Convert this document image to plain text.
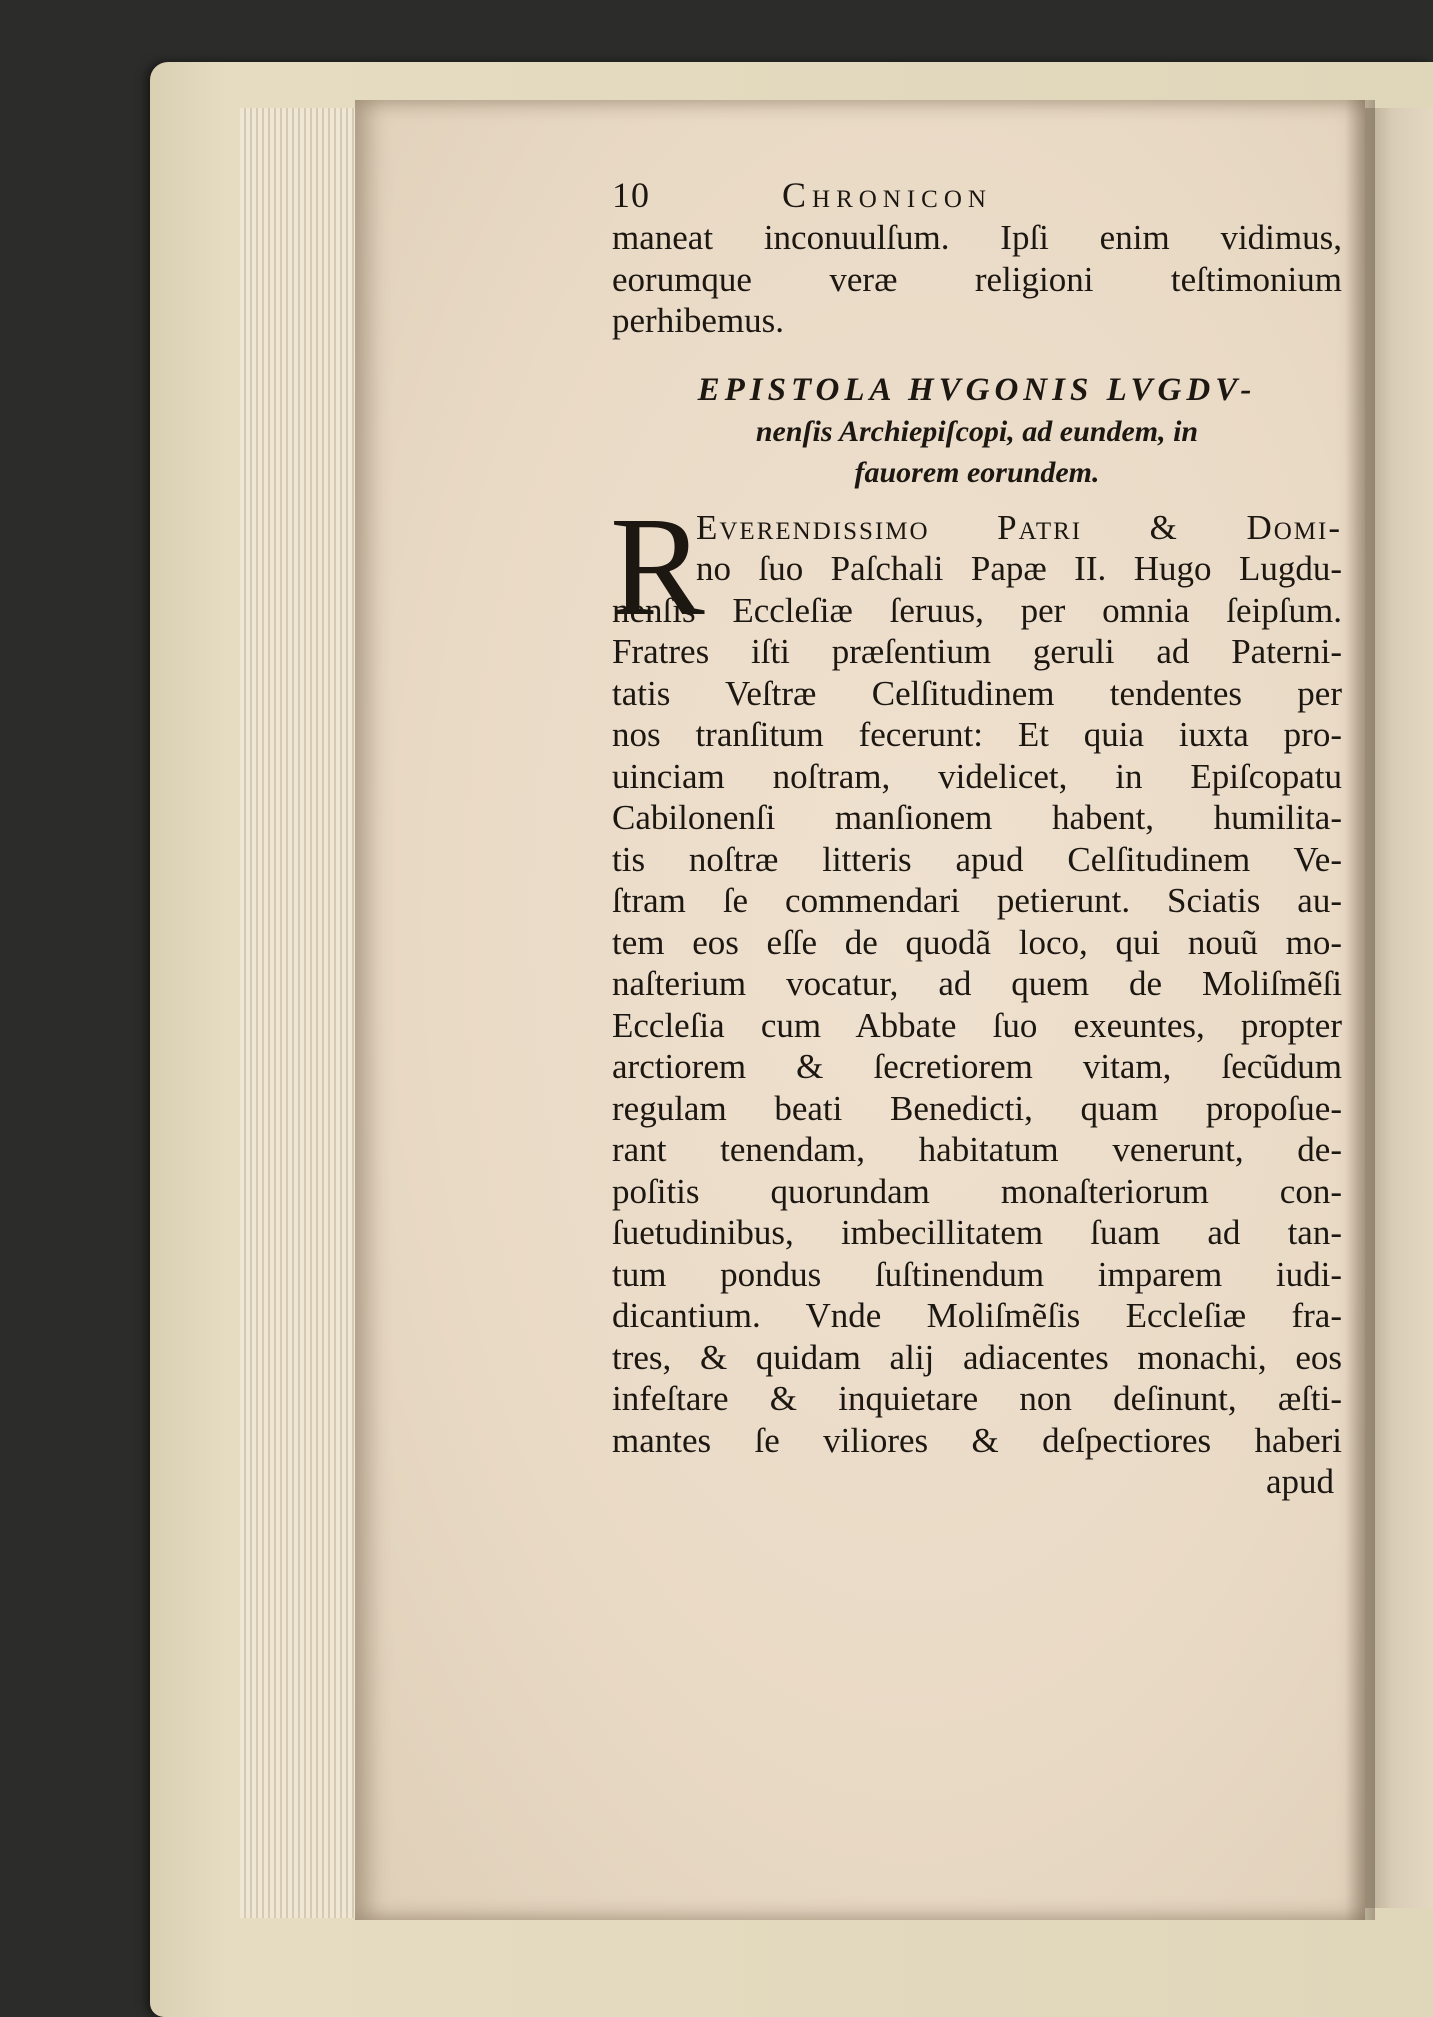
10	Chronicon
maneat inconuulſum. Ipſi enim vidimus,
eorumque veræ religioni teſtimonium
perhibemus.
EPISTOLA HVGONIS LVGDV-
nenſis Archiepiſcopi, ad eundem, in
fauorem eorundem.
R
Everendissimo Patri & Domi-
no ſuo Paſchali Papæ II. Hugo Lugdu-
nenſis Eccleſiæ ſeruus, per omnia ſeipſum.
Fratres iſti præſentium geruli ad Paterni-
tatis Veſtræ Celſitudinem tendentes per
nos tranſitum fecerunt: Et quia iuxta pro-
uinciam noſtram, videlicet, in Epiſcopatu
Cabilonenſi manſionem habent, humilita-
tis noſtræ litteris apud Celſitudinem Ve-
ſtram ſe commendari petierunt. Sciatis au-
tem eos eſſe de quodã loco, qui nouũ mo-
naſterium vocatur, ad quem de Moliſmẽſi
Eccleſia cum Abbate ſuo exeuntes, propter
arctiorem & ſecretiorem vitam, ſecũdum
regulam beati Benedicti, quam propoſue-
rant tenendam, habitatum venerunt, de-
poſitis quorundam monaſteriorum con-
ſuetudinibus, imbecillitatem ſuam ad tan-
tum pondus ſuſtinendum imparem iudi-
dicantium. Vnde Moliſmẽſis Eccleſiæ fra-
tres, & quidam alij adiacentes monachi, eos
infeſtare & inquietare non deſinunt, æſti-
mantes ſe viliores & deſpectiores haberi
apud
